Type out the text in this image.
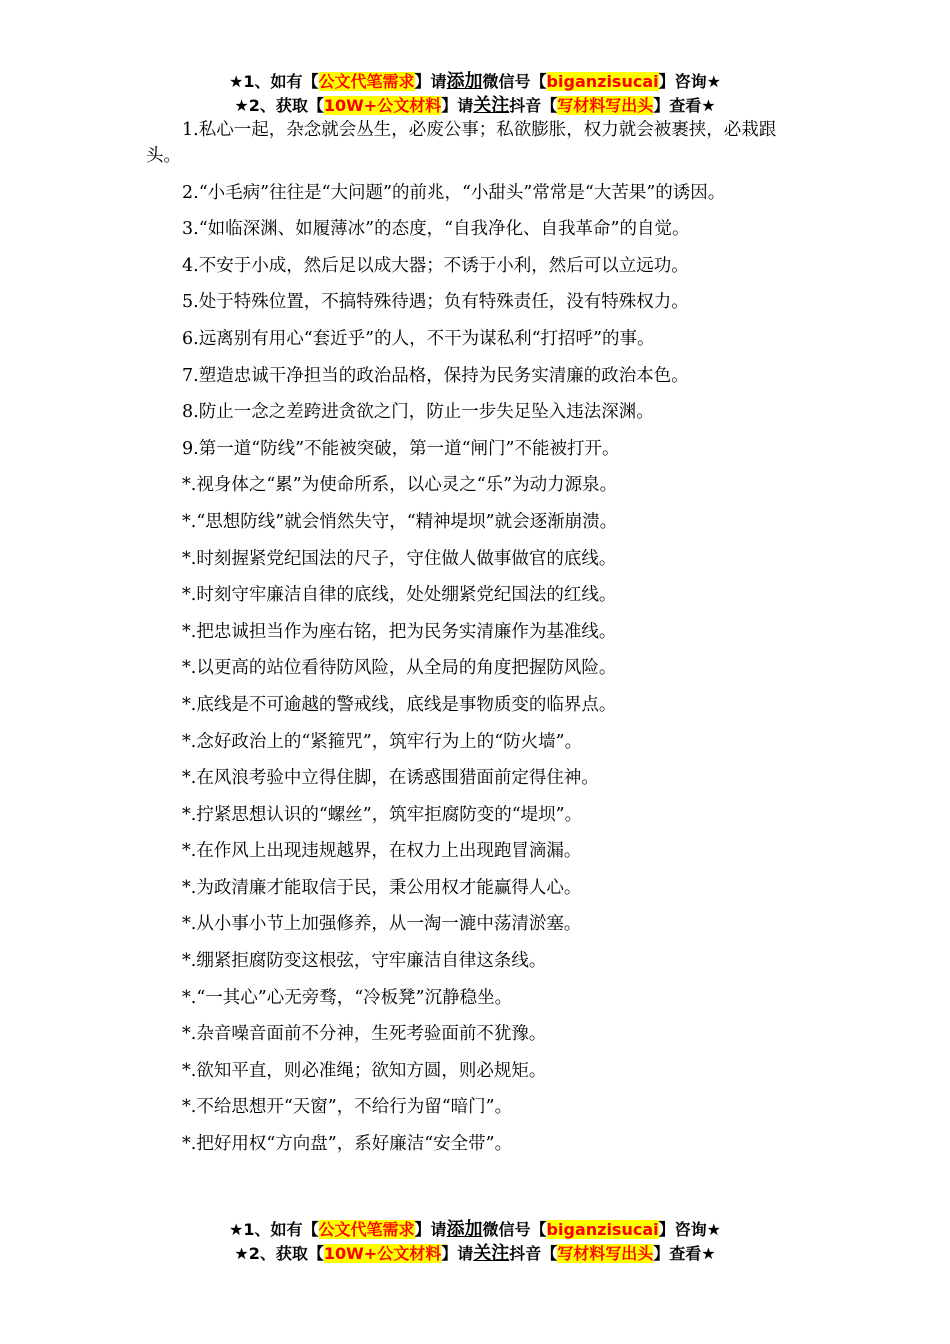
★1、如有【公文代笔需求】请添加微信号【biganzisucai】咨询★
★2、获取【10W+公文材料】请关注抖音【写材料写出头】查看★

1.私心一起，杂念就会丛生，必废公事；私欲膨胀，权力就会被裹挟，必栽跟头。

2.“小毛病”往往是“大问题”的前兆，“小甜头”常常是“大苦果”的诱因。

3.“如临深渊、如履薄冰”的态度，“自我净化、自我革命”的自觉。

4.不安于小成，然后足以成大器；不诱于小利，然后可以立远功。

5.处于特殊位置，不搞特殊待遇；负有特殊责任，没有特殊权力。

6.远离别有用心“套近乎”的人，不干为谋私利“打招呼”的事。

7.塑造忠诚干净担当的政治品格，保持为民务实清廉的政治本色。

8.防止一念之差跨进贪欲之门，防止一步失足坠入违法深渊。

9.第一道“防线”不能被突破，第一道“闸门”不能被打开。

*.视身体之“累”为使命所系，以心灵之“乐”为动力源泉。

*.“思想防线”就会悄然失守，“精神堤坝”就会逐渐崩溃。

*.时刻握紧党纪国法的尺子，守住做人做事做官的底线。

*.时刻守牢廉洁自律的底线，处处绷紧党纪国法的红线。

*.把忠诚担当作为座右铭，把为民务实清廉作为基准线。

*.以更高的站位看待防风险，从全局的角度把握防风险。

*.底线是不可逾越的警戒线，底线是事物质变的临界点。

*.念好政治上的“紧箍咒”，筑牢行为上的“防火墙”。

*.在风浪考验中立得住脚，在诱惑围猎面前定得住神。

*.拧紧思想认识的“螺丝”，筑牢拒腐防变的“堤坝”。

*.在作风上出现违规越界，在权力上出现跑冒滴漏。

*.为政清廉才能取信于民，秉公用权才能赢得人心。

*.从小事小节上加强修养，从一淘一漉中荡清淤塞。

*.绷紧拒腐防变这根弦，守牢廉洁自律这条线。

*.“一其心”心无旁骛，“冷板凳”沉静稳坐。

*.杂音噪音面前不分神，生死考验面前不犹豫。

*.欲知平直，则必准绳；欲知方圆，则必规矩。

*.不给思想开“天窗”，不给行为留“暗门”。

*.把好用权“方向盘”，系好廉洁“安全带”。

★1、如有【公文代笔需求】请添加微信号【biganzisucai】咨询★
★2、获取【10W+公文材料】请关注抖音【写材料写出头】查看★
